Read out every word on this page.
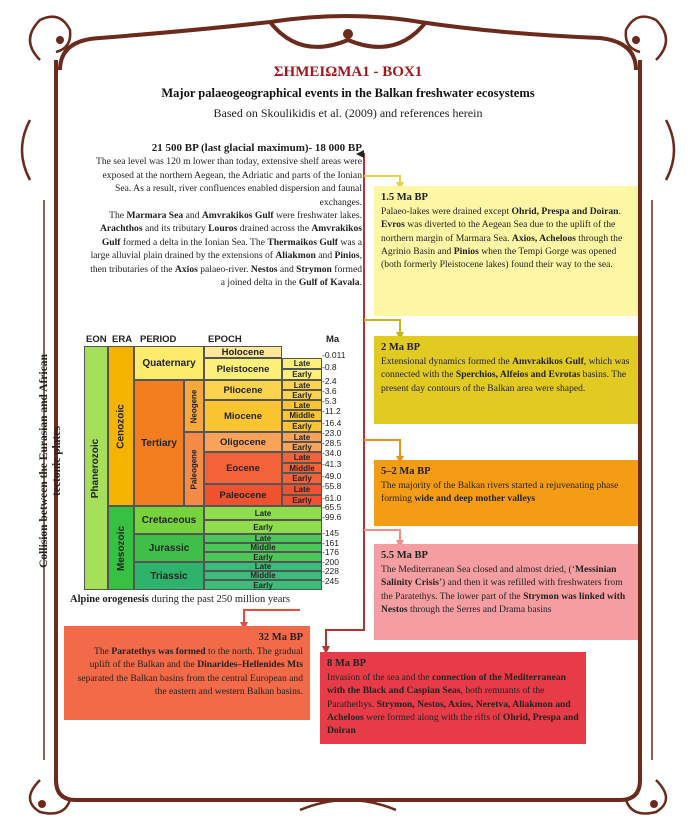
ΣΗΜΕΙΩΜΑ1 - BOX1
Major palaeogeographical events in the Balkan freshwater ecosystems
Based on Skoulikidis et al. (2009) and references herein
21 500 BP (last glacial maximum)- 18 000 BP
The sea level was 120 m lower than today, extensive shelf areas were exposed at the northern Aegean, the Adriatic and parts of the Ionian Sea. As a result, river confluences enabled dispersion and faunal exchanges.
The Marmara Sea and Amvrakikos Gulf were freshwater lakes. Arachthos and its tributary Louros drained across the Amvrakikos Gulf formed a delta in the Ionian Sea. The Thermaikos Gulf was a large alluvial plain drained by the extensions of Aliakmon and Pinios, then tributaries of the Axios palaeo-river. Nestos and Strymon formed a joined delta in the Gulf of Kavala.
1.5 Ma BP
Palaeo-lakes were drained except Ohrid, Prespa and Doiran. Evros was diverted to the Aegean Sea due to the uplift of the northern margin of Marmara Sea. Axios, Acheloos through the Agrinio Basin and Pinios when the Tempi Gorge was opened (both formerly Pleistocene lakes) found their way to the sea.
2 Ma BP
Extensional dynamics formed the Amvrakikos Gulf, which was connected with the Sperchios, Alfeios and Evrotas basins. The present day contours of the Balkan area were shaped.
5–2 Ma BP
The majority of the Balkan rivers started a rejuvenating phase forming wide and deep mother valleys
5.5 Ma BP
The Mediterranean Sea closed and almost dried, (‘Messinian Salinity Crisis’) and then it was refilled with freshwaters from the Paratethys. The lower part of the Strymon was linked with Nestos through the Serres and Drama basins
32 Ma BP
The Paratethys was formed to the north. The gradual uplift of the Balkan and the Dinarides–Hellenides Mts separated the Balkan basins from the central European and the eastern and western Balkan basins.
8 Ma BP
Invasion of the sea and the connection of the Mediterranean with the Black and Caspian Seas, both remnants of the Parathethys. Strymon, Nestos, Axios, Neretva, Aliakmon and Acheloos were formed along with the rifts of Ohrid, Prespa and Doiran
EON ERA PERIOD	EPOCH	Ma
Phanerozoic
Cenozoic
Mesozoic
Quaternary
Tertiary
Neogene
Paleogene
Cretaceous
Jurassic
Triassic
Holocene
Pleistocene
Pliocene
Miocene
Oligocene
Eocene
Paleocene
Late
Early
Late
Early
Late
Middle
Early
Late
Early
Late
Middle
Early
Late
Early
Late
Early
Late
Middle
Early
Late
Middle
Early
-0.011
-0.8
-2.4
-3.6
-5.3
-11.2
-16.4
-23.0
-28.5
-34.0
-41.3
-49.0
-55.8
-61.0
-65.5
-99.6
-145
-161
-176
-200
-228
-245
Collision between the Eurasian and African tectonic plates
Alpine orogenesis during the past 250 million years
